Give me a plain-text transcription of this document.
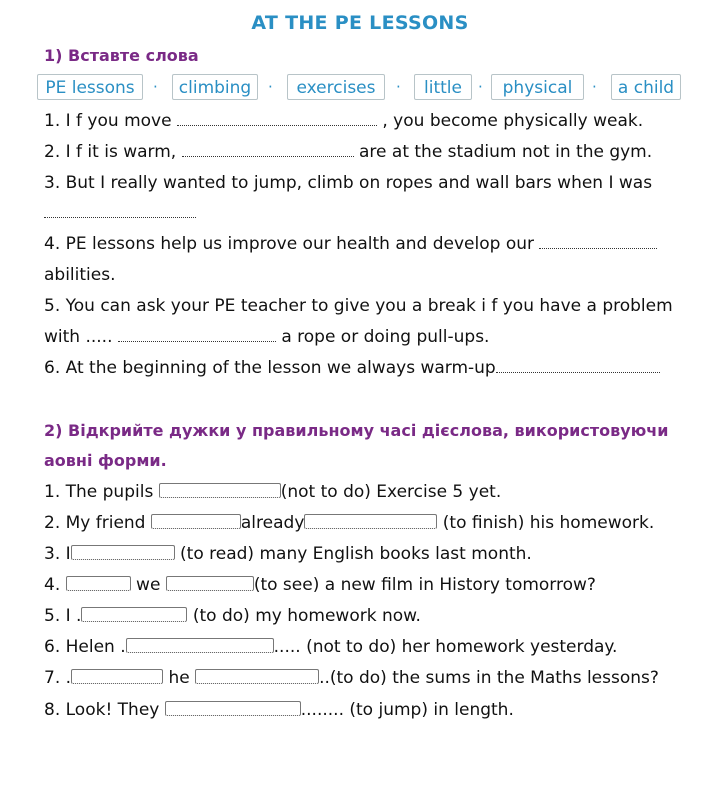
AT THE PE LESSONS
1) Вставте слова
PE lessons	·	climbing	·	exercises	·	little	·	physical	·	a child
1. I f you move	, you become physically weak.
2. I f it is warm,	are at the stadium not in the gym.
3. But I really wanted to jump, climb on ropes and wall bars when I was
4. PE lessons help us improve our health and develop our
abilities.
5. You can ask your PE teacher to give you a break i f you have a problem
with .....	a rope or doing pull-ups.
6. At the beginning of the lesson we always warm-up
2) Відкрийте дужки у правильному часі дієслова, використовуючи аовні форми.
1. The pupils	(not to do) Exercise 5 yet.
2. My friend	already	(to finish) his homework.
3. I	(to read) many English books last month.
4.	we	(to see) a new film in History tomorrow?
5. I .	(to do) my homework now.
6. Helen .	..... (not to do) her homework yesterday.
7. .	he	..(to do) the sums in the Maths lessons?
8. Look! They	........ (to jump) in length.
